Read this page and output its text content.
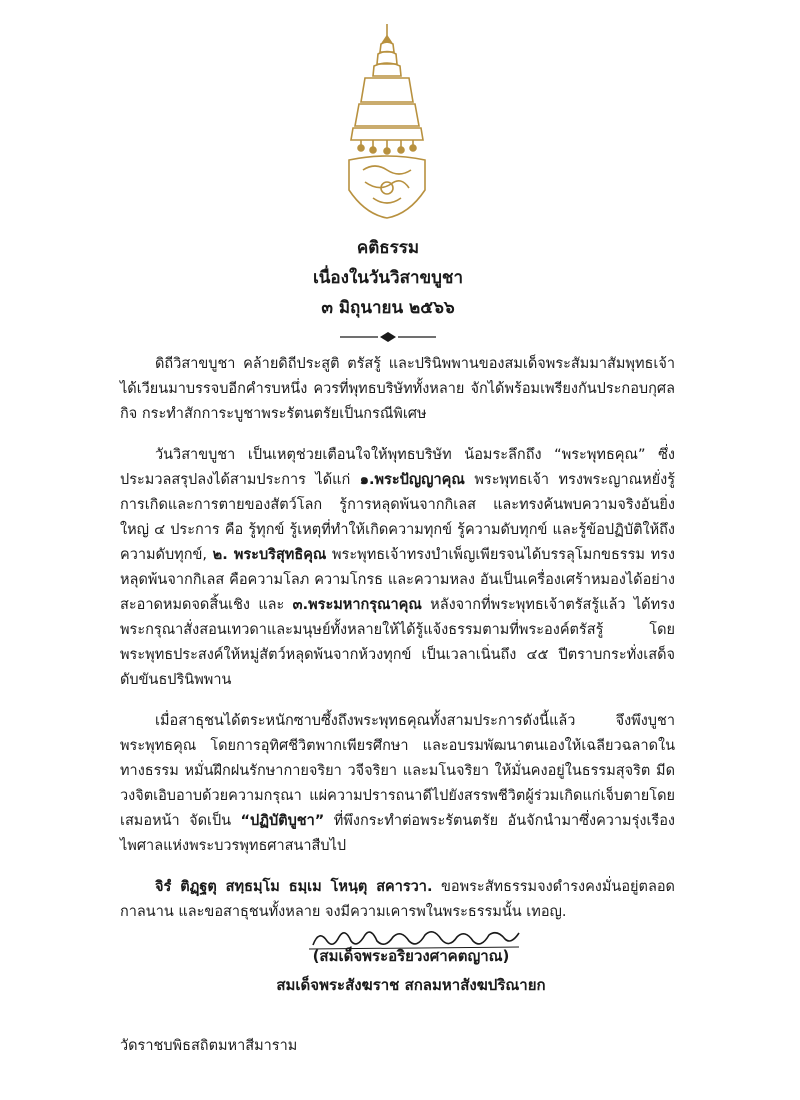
คติธรรม
เนื่องในวันวิสาขบูชา
๓ มิถุนายน ๒๕๖๖

ดิถีวิสาขบูชา คล้ายดิถีประสูติ ตรัสรู้ และปรินิพพานของสมเด็จพระสัมมาสัมพุทธเจ้า ได้เวียนมาบรรจบอีกคำรบหนึ่ง ควรที่พุทธบริษัททั้งหลาย จักได้พร้อมเพรียงกันประกอบกุศลกิจ กระทำสักการะบูชาพระรัตนตรัยเป็นกรณีพิเศษ

วันวิสาขบูชา เป็นเหตุช่วยเตือนใจให้พุทธบริษัท น้อมระลึกถึง “พระพุทธคุณ” ซึ่งประมวลสรุปลงได้สามประการ ได้แก่ ๑.พระปัญญาคุณ พระพุทธเจ้า ทรงพระญาณหยั่งรู้การเกิดและการตายของสัตว์โลก รู้การหลุดพ้นจากกิเลส และทรงค้นพบความจริงอันยิ่งใหญ่ ๔ ประการ คือ รู้ทุกข์ รู้เหตุที่ทำให้เกิดความทุกข์ รู้ความดับทุกข์ และรู้ข้อปฏิบัติให้ถึงความดับทุกข์, ๒. พระบริสุทธิคุณ พระพุทธเจ้าทรงบำเพ็ญเพียรจนได้บรรลุโมกขธรรม ทรงหลุดพ้นจากกิเลส คือความโลภ ความโกรธ และความหลง อันเป็นเครื่องเศร้าหมองได้อย่างสะอาดหมดจดสิ้นเชิง และ ๓.พระมหากรุณาคุณ หลังจากที่พระพุทธเจ้าตรัสรู้แล้ว ได้ทรงพระกรุณาสั่งสอนเทวดาและมนุษย์ทั้งหลายให้ได้รู้แจ้งธรรมตามที่พระองค์ตรัสรู้ โดยพระพุทธประสงค์ให้หมู่สัตว์หลุดพ้นจากห้วงทุกข์ เป็นเวลาเนิ่นถึง ๔๕ ปีตราบกระทั่งเสด็จดับขันธปรินิพพาน

เมื่อสาธุชนได้ตระหนักซาบซึ้งถึงพระพุทธคุณทั้งสามประการดังนี้แล้ว จึงพึงบูชาพระพุทธคุณ โดยการอุทิศชีวิตพากเพียรศึกษา และอบรมพัฒนาตนเองให้เฉลียวฉลาดในทางธรรม หมั่นฝึกฝนรักษากายจริยา วจีจริยา และมโนจริยา ให้มั่นคงอยู่ในธรรมสุจริต มีดวงจิตเอิบอาบด้วยความกรุณา แผ่ความปรารถนาดีไปยังสรรพชีวิตผู้ร่วมเกิดแก่เจ็บตายโดยเสมอหน้า จัดเป็น “ปฏิบัติบูชา” ที่พึงกระทำต่อพระรัตนตรัย อันจักนำมาซึ่งความรุ่งเรืองไพศาลแห่งพระบวรพุทธศาสนาสืบไป

จิรํ ติฏฺฐตุ สทฺธมฺโม ธมฺเม โหนฺตุ สคารวา. ขอพระสัทธรรมจงดำรงคงมั่นอยู่ตลอดกาลนาน และขอสาธุชนทั้งหลาย จงมีความเคารพในพระธรรมนั้น เทอญ.

(สมเด็จพระอริยวงศาคตญาณ)
สมเด็จพระสังฆราช สกลมหาสังฆปริณายก
วัดราชบพิธสถิตมหาสีมาราม
